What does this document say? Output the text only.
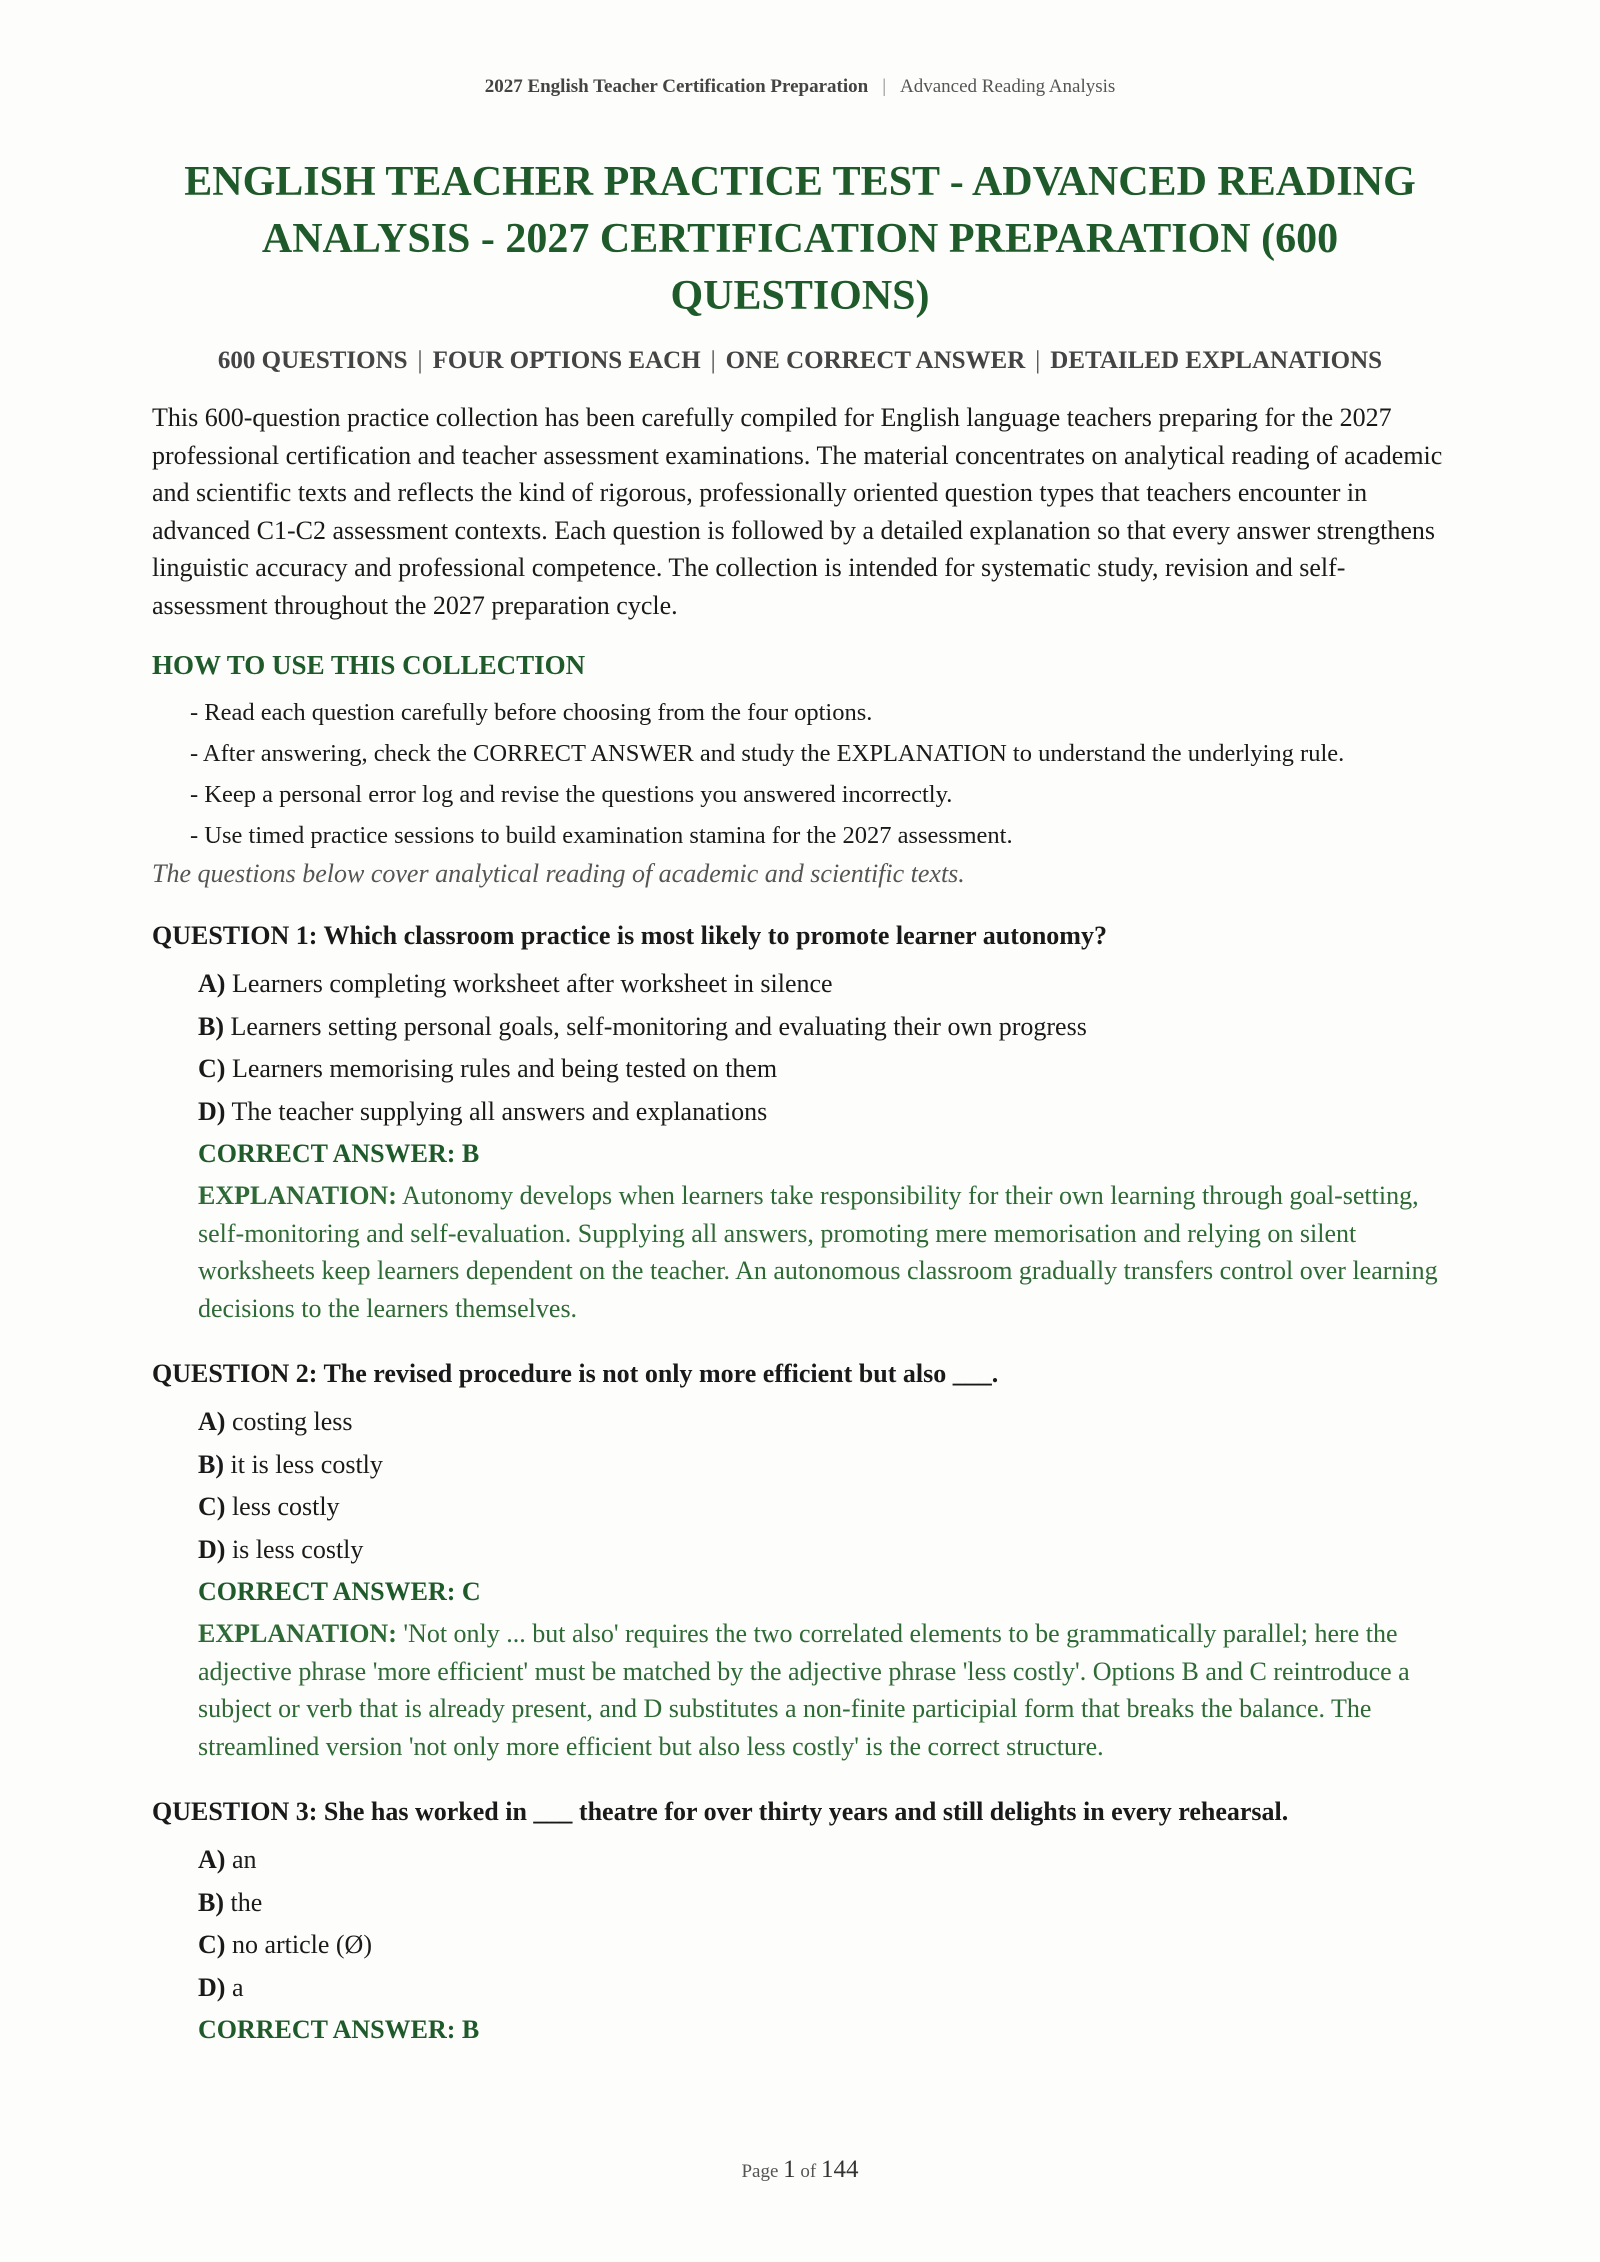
2027 English Teacher Certification Preparation | Advanced Reading Analysis
ENGLISH TEACHER PRACTICE TEST - ADVANCED READING ANALYSIS - 2027 CERTIFICATION PREPARATION (600 QUESTIONS)
600 QUESTIONS | FOUR OPTIONS EACH | ONE CORRECT ANSWER | DETAILED EXPLANATIONS

This 600-question practice collection has been carefully compiled for English language teachers preparing for the 2027 professional certification and teacher assessment examinations. The material concentrates on analytical reading of academic and scientific texts and reflects the kind of rigorous, professionally oriented question types that teachers encounter in advanced C1-C2 assessment contexts. Each question is followed by a detailed explanation so that every answer strengthens linguistic accuracy and professional competence. The collection is intended for systematic study, revision and self-assessment throughout the 2027 preparation cycle.

HOW TO USE THIS COLLECTION
- Read each question carefully before choosing from the four options.
- After answering, check the CORRECT ANSWER and study the EXPLANATION to understand the underlying rule.
- Keep a personal error log and revise the questions you answered incorrectly.
- Use timed practice sessions to build examination stamina for the 2027 assessment.
The questions below cover analytical reading of academic and scientific texts.
QUESTION 1: Which classroom practice is most likely to promote learner autonomy?
A) Learners completing worksheet after worksheet in silence
B) Learners setting personal goals, self-monitoring and evaluating their own progress
C) Learners memorising rules and being tested on them
D) The teacher supplying all answers and explanations
CORRECT ANSWER: B
EXPLANATION: Autonomy develops when learners take responsibility for their own learning through goal-setting, self-monitoring and self-evaluation. Supplying all answers, promoting mere memorisation and relying on silent worksheets keep learners dependent on the teacher. An autonomous classroom gradually transfers control over learning decisions to the learners themselves.
QUESTION 2: The revised procedure is not only more efficient but also ___.
A) costing less
B) it is less costly
C) less costly
D) is less costly
CORRECT ANSWER: C
EXPLANATION: 'Not only ... but also' requires the two correlated elements to be grammatically parallel; here the adjective phrase 'more efficient' must be matched by the adjective phrase 'less costly'. Options B and C reintroduce a subject or verb that is already present, and D substitutes a non-finite participial form that breaks the balance. The streamlined version 'not only more efficient but also less costly' is the correct structure.
QUESTION 3: She has worked in ___ theatre for over thirty years and still delights in every rehearsal.
A) an
B) the
C) no article (Ø)
D) a
CORRECT ANSWER: B
Page 1 of 144
